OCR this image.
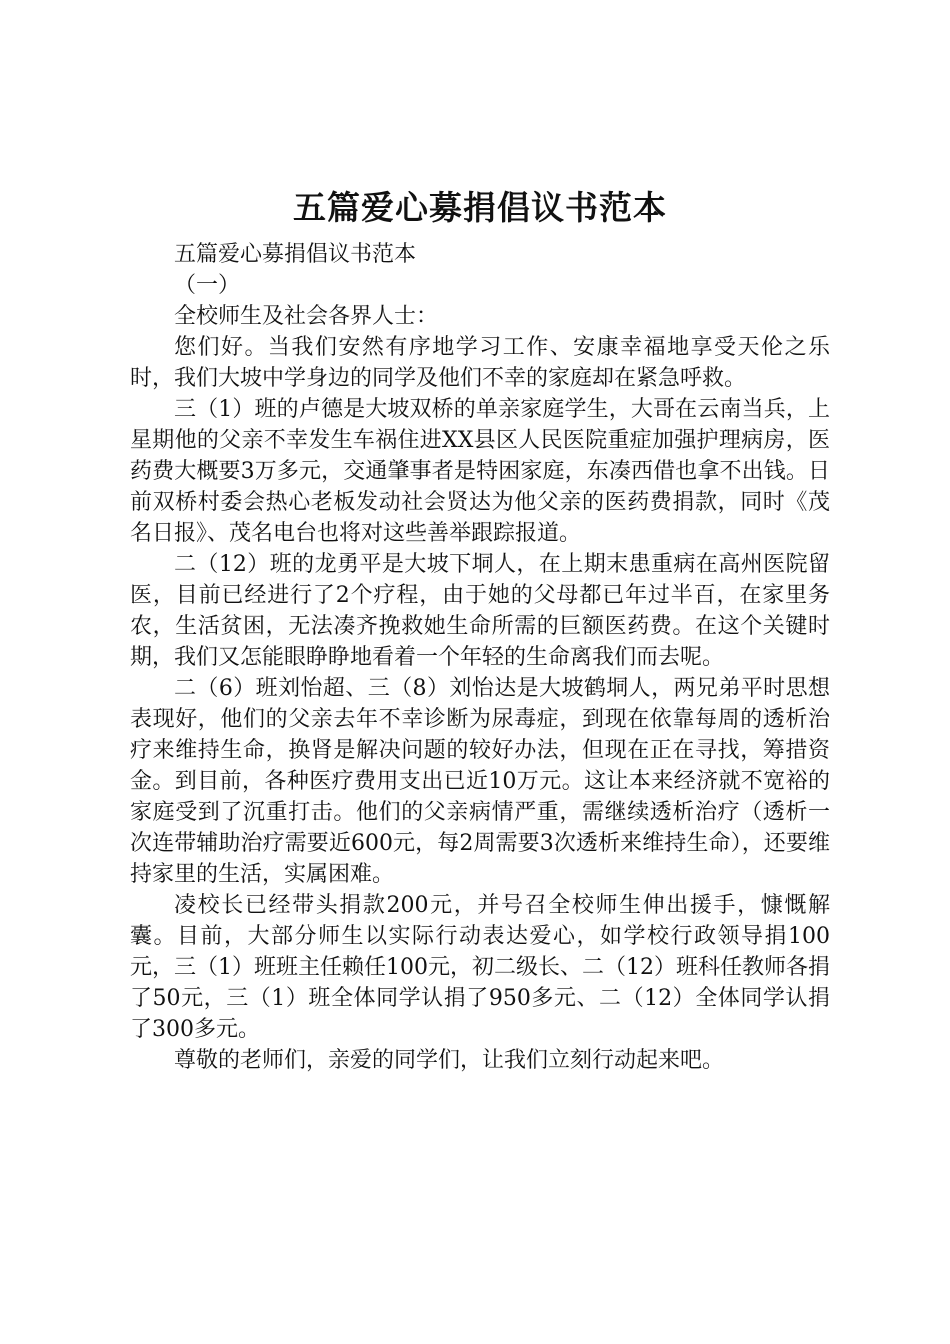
五篇爱心募捐倡议书范本

五篇爱心募捐倡议书范本

（一）

全校师生及社会各界人士：

您们好。当我们安然有序地学习工作、安康幸福地享受天伦之乐时，我们大坡中学身边的同学及他们不幸的家庭却在紧急呼救。

三（1）班的卢德是大坡双桥的单亲家庭学生，大哥在云南当兵，上星期他的父亲不幸发生车祸住进XX县区人民医院重症加强护理病房，医药费大概要3万多元，交通肇事者是特困家庭，东凑西借也拿不出钱。日前双桥村委会热心老板发动社会贤达为他父亲的医药费捐款，同时《茂名日报》、茂名电台也将对这些善举跟踪报道。

二（12）班的龙勇平是大坡下垌人，在上期末患重病在高州医院留医，目前已经进行了2个疗程，由于她的父母都已年过半百，在家里务农，生活贫困，无法凑齐挽救她生命所需的巨额医药费。在这个关键时期，我们又怎能眼睁睁地看着一个年轻的生命离我们而去呢。

二（6）班刘怡超、三（8）刘怡达是大坡鹤垌人，两兄弟平时思想表现好，他们的父亲去年不幸诊断为尿毒症，到现在依靠每周的透析治疗来维持生命，换肾是解决问题的较好办法，但现在正在寻找，筹措资金。到目前，各种医疗费用支出已近10万元。这让本来经济就不宽裕的家庭受到了沉重打击。他们的父亲病情严重，需继续透析治疗（透析一次连带辅助治疗需要近600元，每2周需要3次透析来维持生命），还要维持家里的生活，实属困难。

凌校长已经带头捐款200元，并号召全校师生伸出援手，慷慨解囊。目前，大部分师生以实际行动表达爱心，如学校行政领导捐100元，三（1）班班主任赖任100元，初二级长、二（12）班科任教师各捐了50元，三（1）班全体同学认捐了950多元、二（12）全体同学认捐了300多元。

尊敬的老师们，亲爱的同学们，让我们立刻行动起来吧。
